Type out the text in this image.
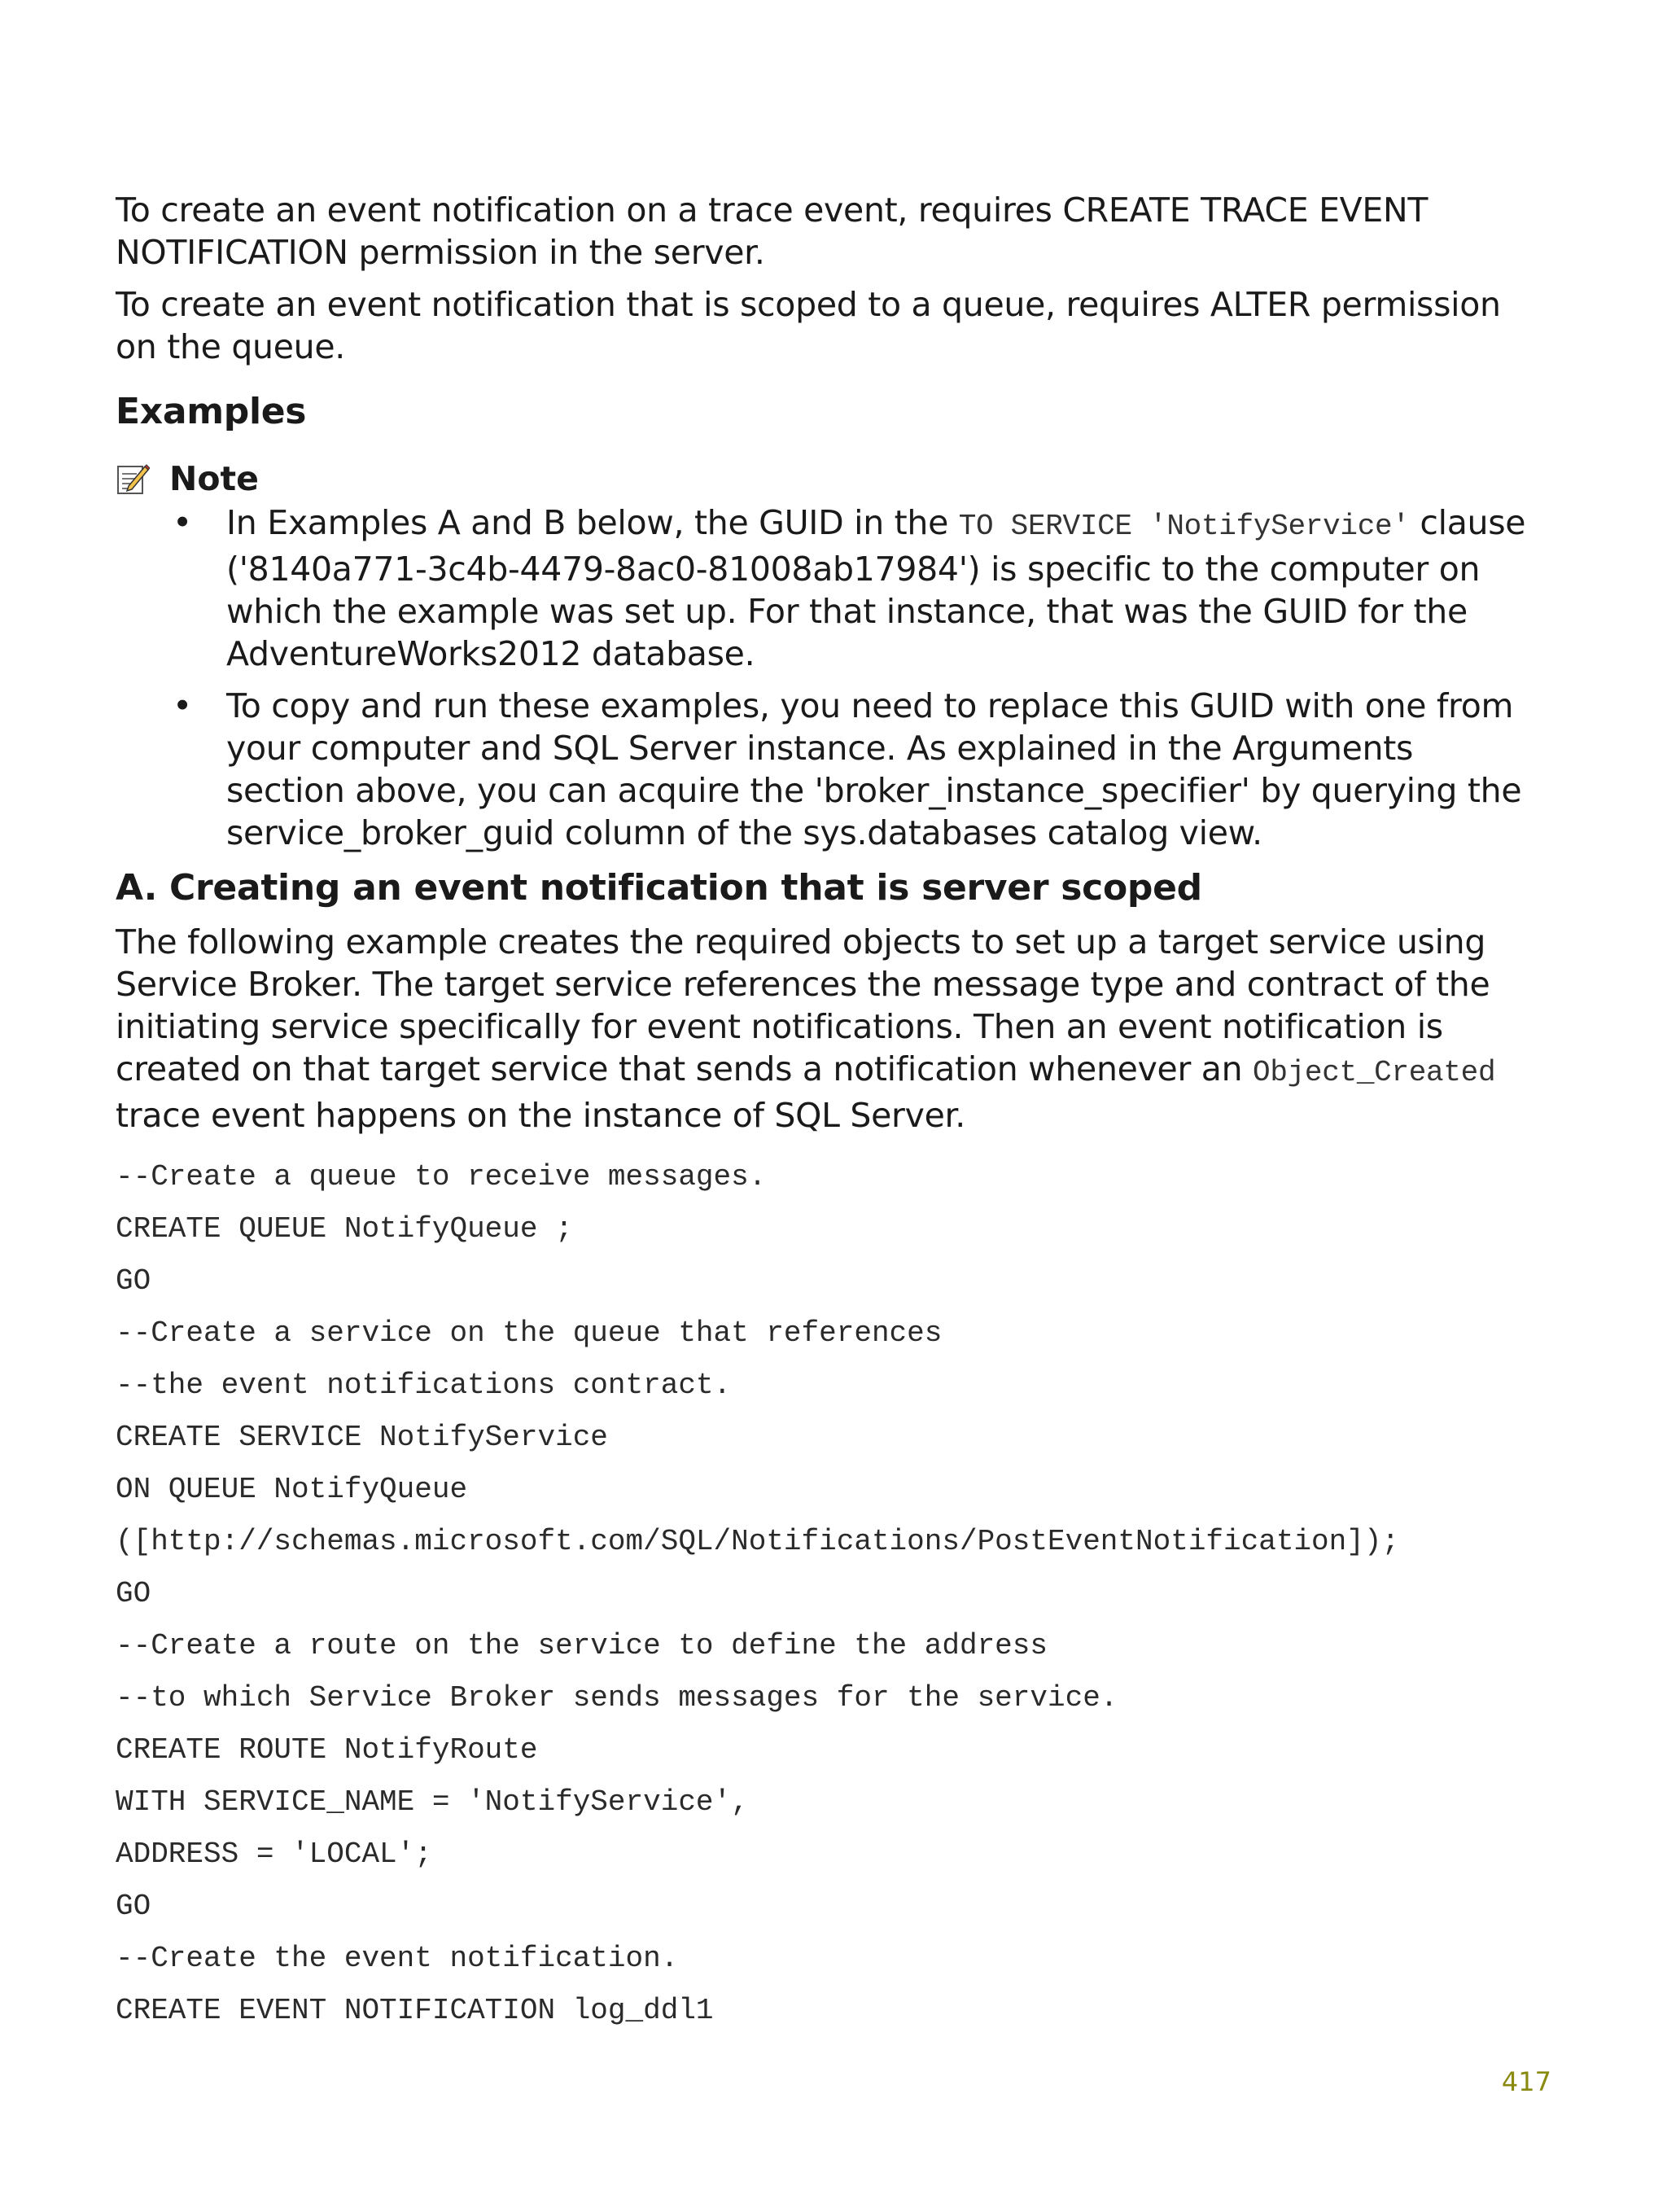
To create an event notification on a trace event, requires CREATE TRACE EVENT NOTIFICATION permission in the server.

To create an event notification that is scoped to a queue, requires ALTER permission on the queue.

Examples
Note
• In Examples A and B below, the GUID in the TO SERVICE 'NotifyService' clause ('8140a771-3c4b-4479-8ac0-81008ab17984') is specific to the computer on which the example was set up. For that instance, that was the GUID for the AdventureWorks2012 database.
• To copy and run these examples, you need to replace this GUID with one from your computer and SQL Server instance. As explained in the Arguments section above, you can acquire the 'broker_instance_specifier' by querying the service_broker_guid column of the sys.databases catalog view.
A. Creating an event notification that is server scoped

The following example creates the required objects to set up a target service using Service Broker. The target service references the message type and contract of the initiating service specifically for event notifications. Then an event notification is created on that target service that sends a notification whenever an Object_Created trace event happens on the instance of SQL Server.

--Create a queue to receive messages.
CREATE QUEUE NotifyQueue ;
GO
--Create a service on the queue that references
--the event notifications contract.
CREATE SERVICE NotifyService
ON QUEUE NotifyQueue
([http://schemas.microsoft.com/SQL/Notifications/PostEventNotification]);
GO
--Create a route on the service to define the address
--to which Service Broker sends messages for the service.
CREATE ROUTE NotifyRoute
WITH SERVICE_NAME = 'NotifyService',
ADDRESS = 'LOCAL';
GO
--Create the event notification.
CREATE EVENT NOTIFICATION log_ddl1
417
